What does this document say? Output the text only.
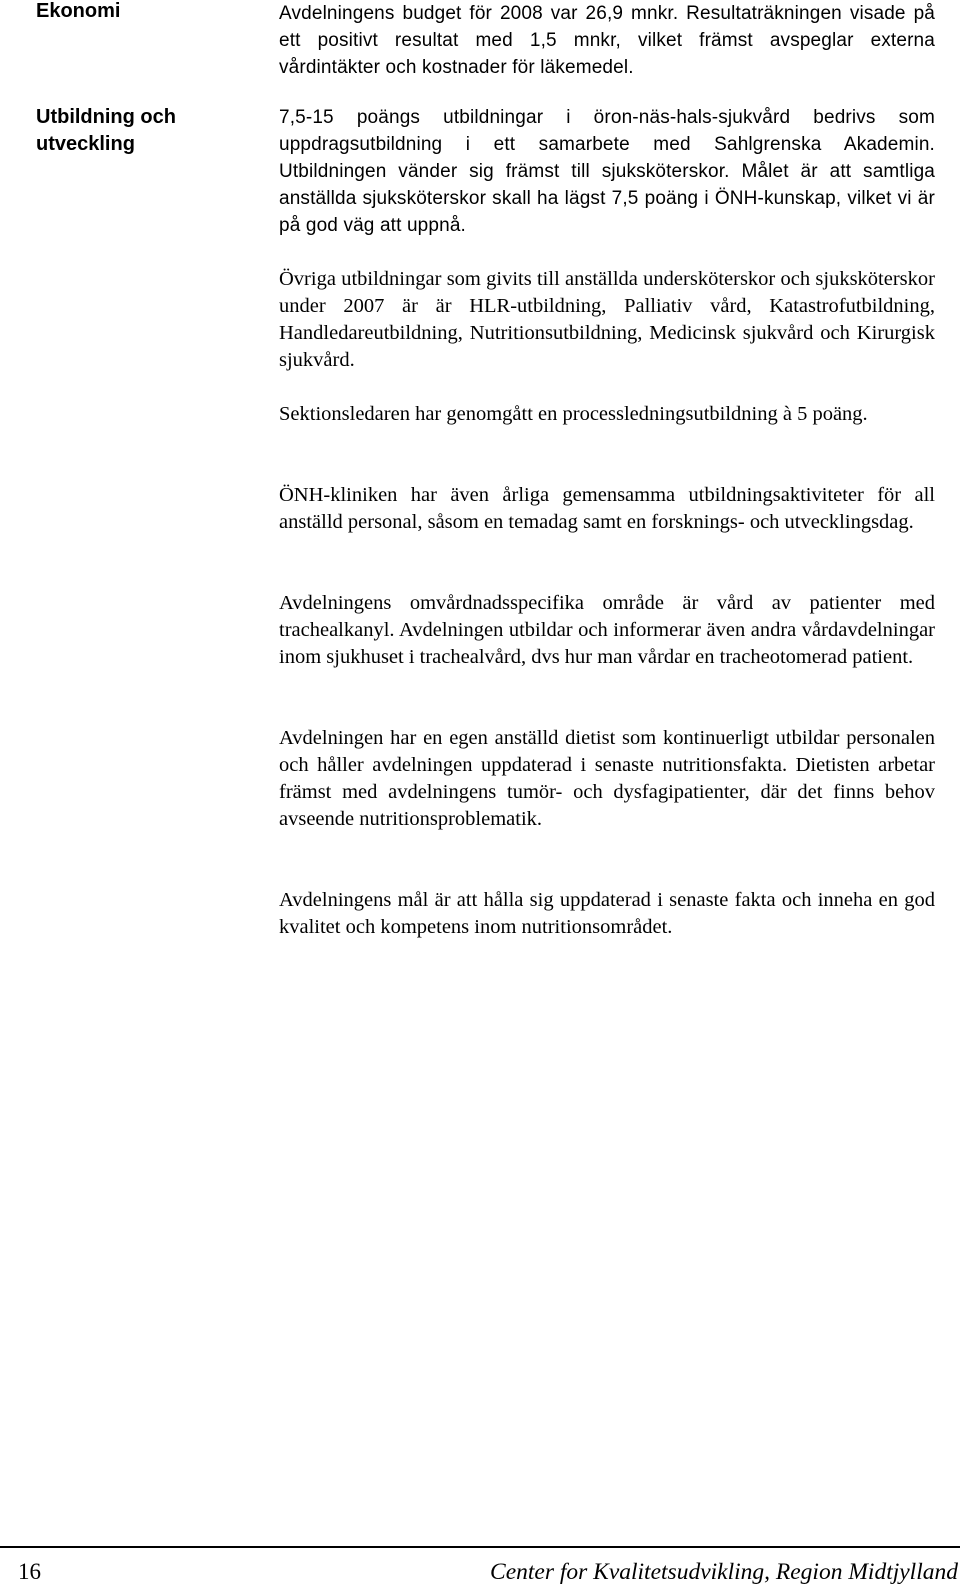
Ekonomi	Avdelningens budget för 2008 var 26,9 mnkr. Resultaträkningen visade på ett positivt resultat med 1,5 mnkr, vilket främst avspeglar externa vårdintäkter och kostnader för läkemedel.

Utbildning och
utveckling

7,5-15 poängs utbildningar i öron-näs-hals-sjukvård bedrivs som uppdragsutbildning i ett samarbete med Sahlgrenska Akademin. Utbildningen vänder sig främst till sjuksköterskor. Målet är att samtliga anställda sjuksköterskor skall ha lägst 7,5 poäng i ÖNH-kunskap, vilket vi är på god väg att uppnå.

Övriga utbildningar som givits till anställda undersköterskor och sjuksköterskor under 2007 är är HLR-utbildning, Palliativ vård, Katastrofutbildning, Handledareutbildning, Nutritionsutbildning, Medicinsk sjukvård och Kirurgisk sjukvård.

Sektionsledaren har genomgått en processledningsutbildning à 5 poäng.

ÖNH-kliniken har även årliga gemensamma utbildningsaktiviteter för all anställd personal, såsom en temadag samt en forsknings- och utvecklingsdag.

Avdelningens omvårdnadsspecifika område är vård av patienter med trachealkanyl. Avdelningen utbildar och informerar även andra vårdavdelningar inom sjukhuset i trachealvård, dvs hur man vårdar en tracheotomerad patient.

Avdelningen har en egen anställd dietist som kontinuerligt utbildar personalen och håller avdelningen uppdaterad i senaste nutritionsfakta. Dietisten arbetar främst med avdelningens tumör- och dysfagipatienter, där det finns behov avseende nutritionsproblematik.

Avdelningens mål är att hålla sig uppdaterad i senaste fakta och inneha en god kvalitet och kompetens inom nutritionsområdet.

16	Center for Kvalitetsudvikling, Region Midtjylland
